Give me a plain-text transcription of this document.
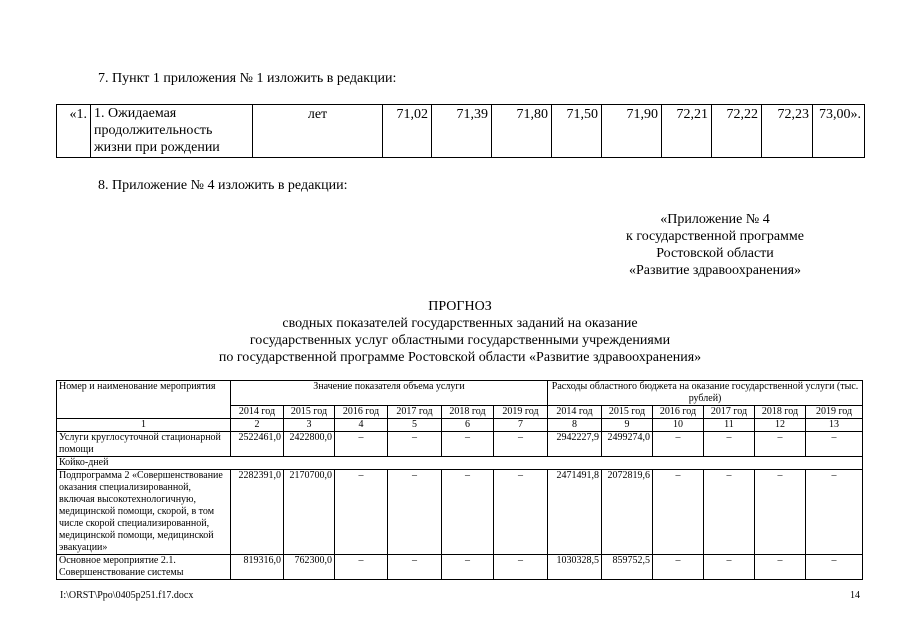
7. Пункт 1 приложения № 1 изложить в редакции:
«1.	1. Ожидаемая продолжительность жизни при рождении	лет	71,02	71,39	71,80	71,50	71,90	72,21	72,22	72,23	73,00».
8. Приложение № 4 изложить в редакции:
«Приложение № 4
к государственной программе
Ростовской области
«Развитие здравоохранения»
ПРОГНОЗ
сводных показателей государственных заданий на оказание
государственных услуг областными государственными учреждениями
по государственной программе Ростовской области «Развитие здравоохранения»
Номер и наименование мероприятия	Значение показателя объема услуги						Расходы областного бюджета на оказание государственной услуги (тыс. рублей)					
	2014 год	2015 год	2016 год	2017 год	2018 год	2019 год	2014 год	2015 год	2016 год	2017 год	2018 год	2019 год
1	2	3	4	5	6	7	8	9	10	11	12	13
Услуги круглосуточной стационарной помощи	2522461,0	2422800,0	–	–	–	–	2942227,9	2499274,0	–	–	–	–
Койко-дней												
Подпрограмма 2 «Совершенствование оказания специализированной, включая высокотехнологичную, медицинской помощи, скорой, в том числе скорой специализированной, медицинской помощи, медицинской эвакуации»	2282391,0	2170700,0	–	–	–	–	2471491,8	2072819,6	–	–	–	–
Основное мероприятие 2.1. Совершенствование системы	819316,0	762300,0	–	–	–	–	1030328,5	859752,5	–	–	–	–
I:\ORST\Ppo\0405p251.f17.docx	14
